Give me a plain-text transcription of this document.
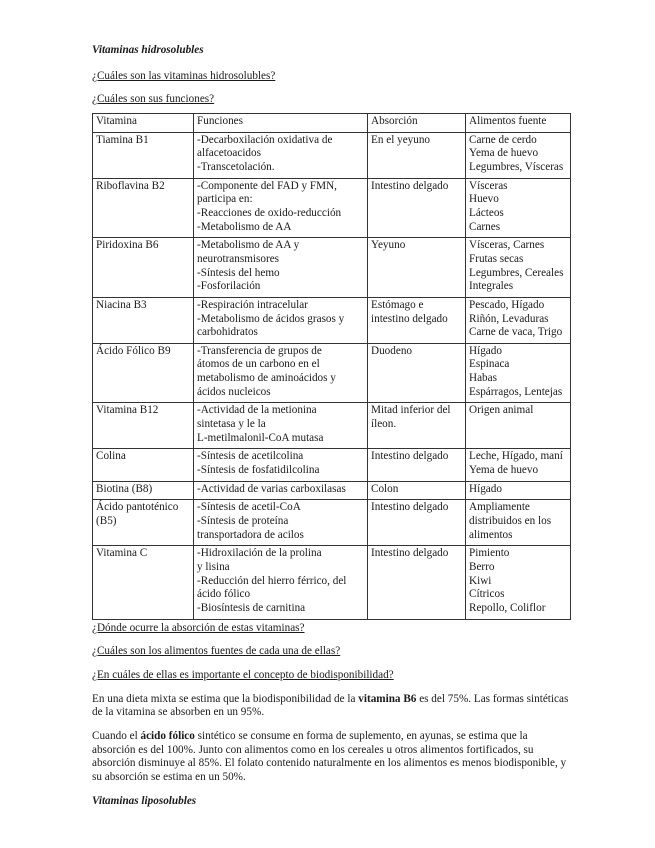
Vitaminas hidrosolubles
¿Cuáles son las vitaminas hidrosolubles?
¿Cuáles son sus funciones?
Vitamina	Funciones	Absorción	Alimentos fuente

Tiamina B1	-Decarboxilación oxidativa de
alfacetoacidos
-Transcetolación.	En el yeyuno	Carne de cerdo
Yema de huevo
Legumbres, Vísceras

Riboflavina B2	-Componente del FAD y FMN,
participa en:
-Reacciones de oxido-reducción
-Metabolismo de AA	Intestino delgado	Vísceras
Huevo
Lácteos
Carnes

Piridoxina B6	-Metabolismo de AA y
neurotransmisores
-Síntesis del hemo
-Fosforilación	Yeyuno	Vísceras, Carnes
Frutas secas
Legumbres, Cereales
Integrales

Niacina B3	-Respiración intracelular
-Metabolismo de ácidos grasos y
carbohidratos	Estómago e
intestino delgado	Pescado, Hígado
Riñón, Levaduras
Carne de vaca, Trigo

Ácido Fólico B9	-Transferencia de grupos de
átomos de un carbono en el
metabolismo de aminoácidos y
ácidos nucleicos	Duodeno	Hígado
Espinaca
Habas
Espárragos, Lentejas

Vitamina B12	-Actividad de la metionina
sintetasa y le la
L-metilmalonil-CoA mutasa	Mitad inferior del
íleon.	Origen animal

Colina	-Síntesis de acetilcolina
-Síntesis de fosfatidilcolina	Intestino delgado	Leche, Hígado, maní
Yema de huevo

Biotina (B8)	-Actividad de varias carboxilasas	Colon	Hígado

Ácido pantoténico
(B5)	-Síntesis de acetil-CoA
-Síntesis de proteína
transportadora de acilos	Intestino delgado	Ampliamente
distribuidos en los
alimentos

Vitamina C	-Hidroxilación de la prolina
y lisina
-Reducción del hierro férrico, del
ácido fólico
-Biosíntesis de carnitina	Intestino delgado	Pimiento
Berro
Kiwi
Cítricos
Repollo, Coliflor
¿Dónde ocurre la absorción de estas vitaminas?
¿Cuáles son los alimentos fuentes de cada una de ellas?
¿En cuáles de ellas es importante el concepto de biodisponibilidad?

En una dieta mixta se estima que la biodisponibilidad de la vitamina B6 es del 75%. Las formas sintéticas de la vitamina se absorben en un 95%.

Cuando el ácido fólico sintético se consume en forma de suplemento, en ayunas, se estima que la absorción es del 100%. Junto con alimentos como en los cereales u otros alimentos fortificados, su absorción disminuye al 85%. El folato contenido naturalmente en los alimentos es menos biodisponible, y su absorción se estima en un 50%.

Vitaminas liposolubles
